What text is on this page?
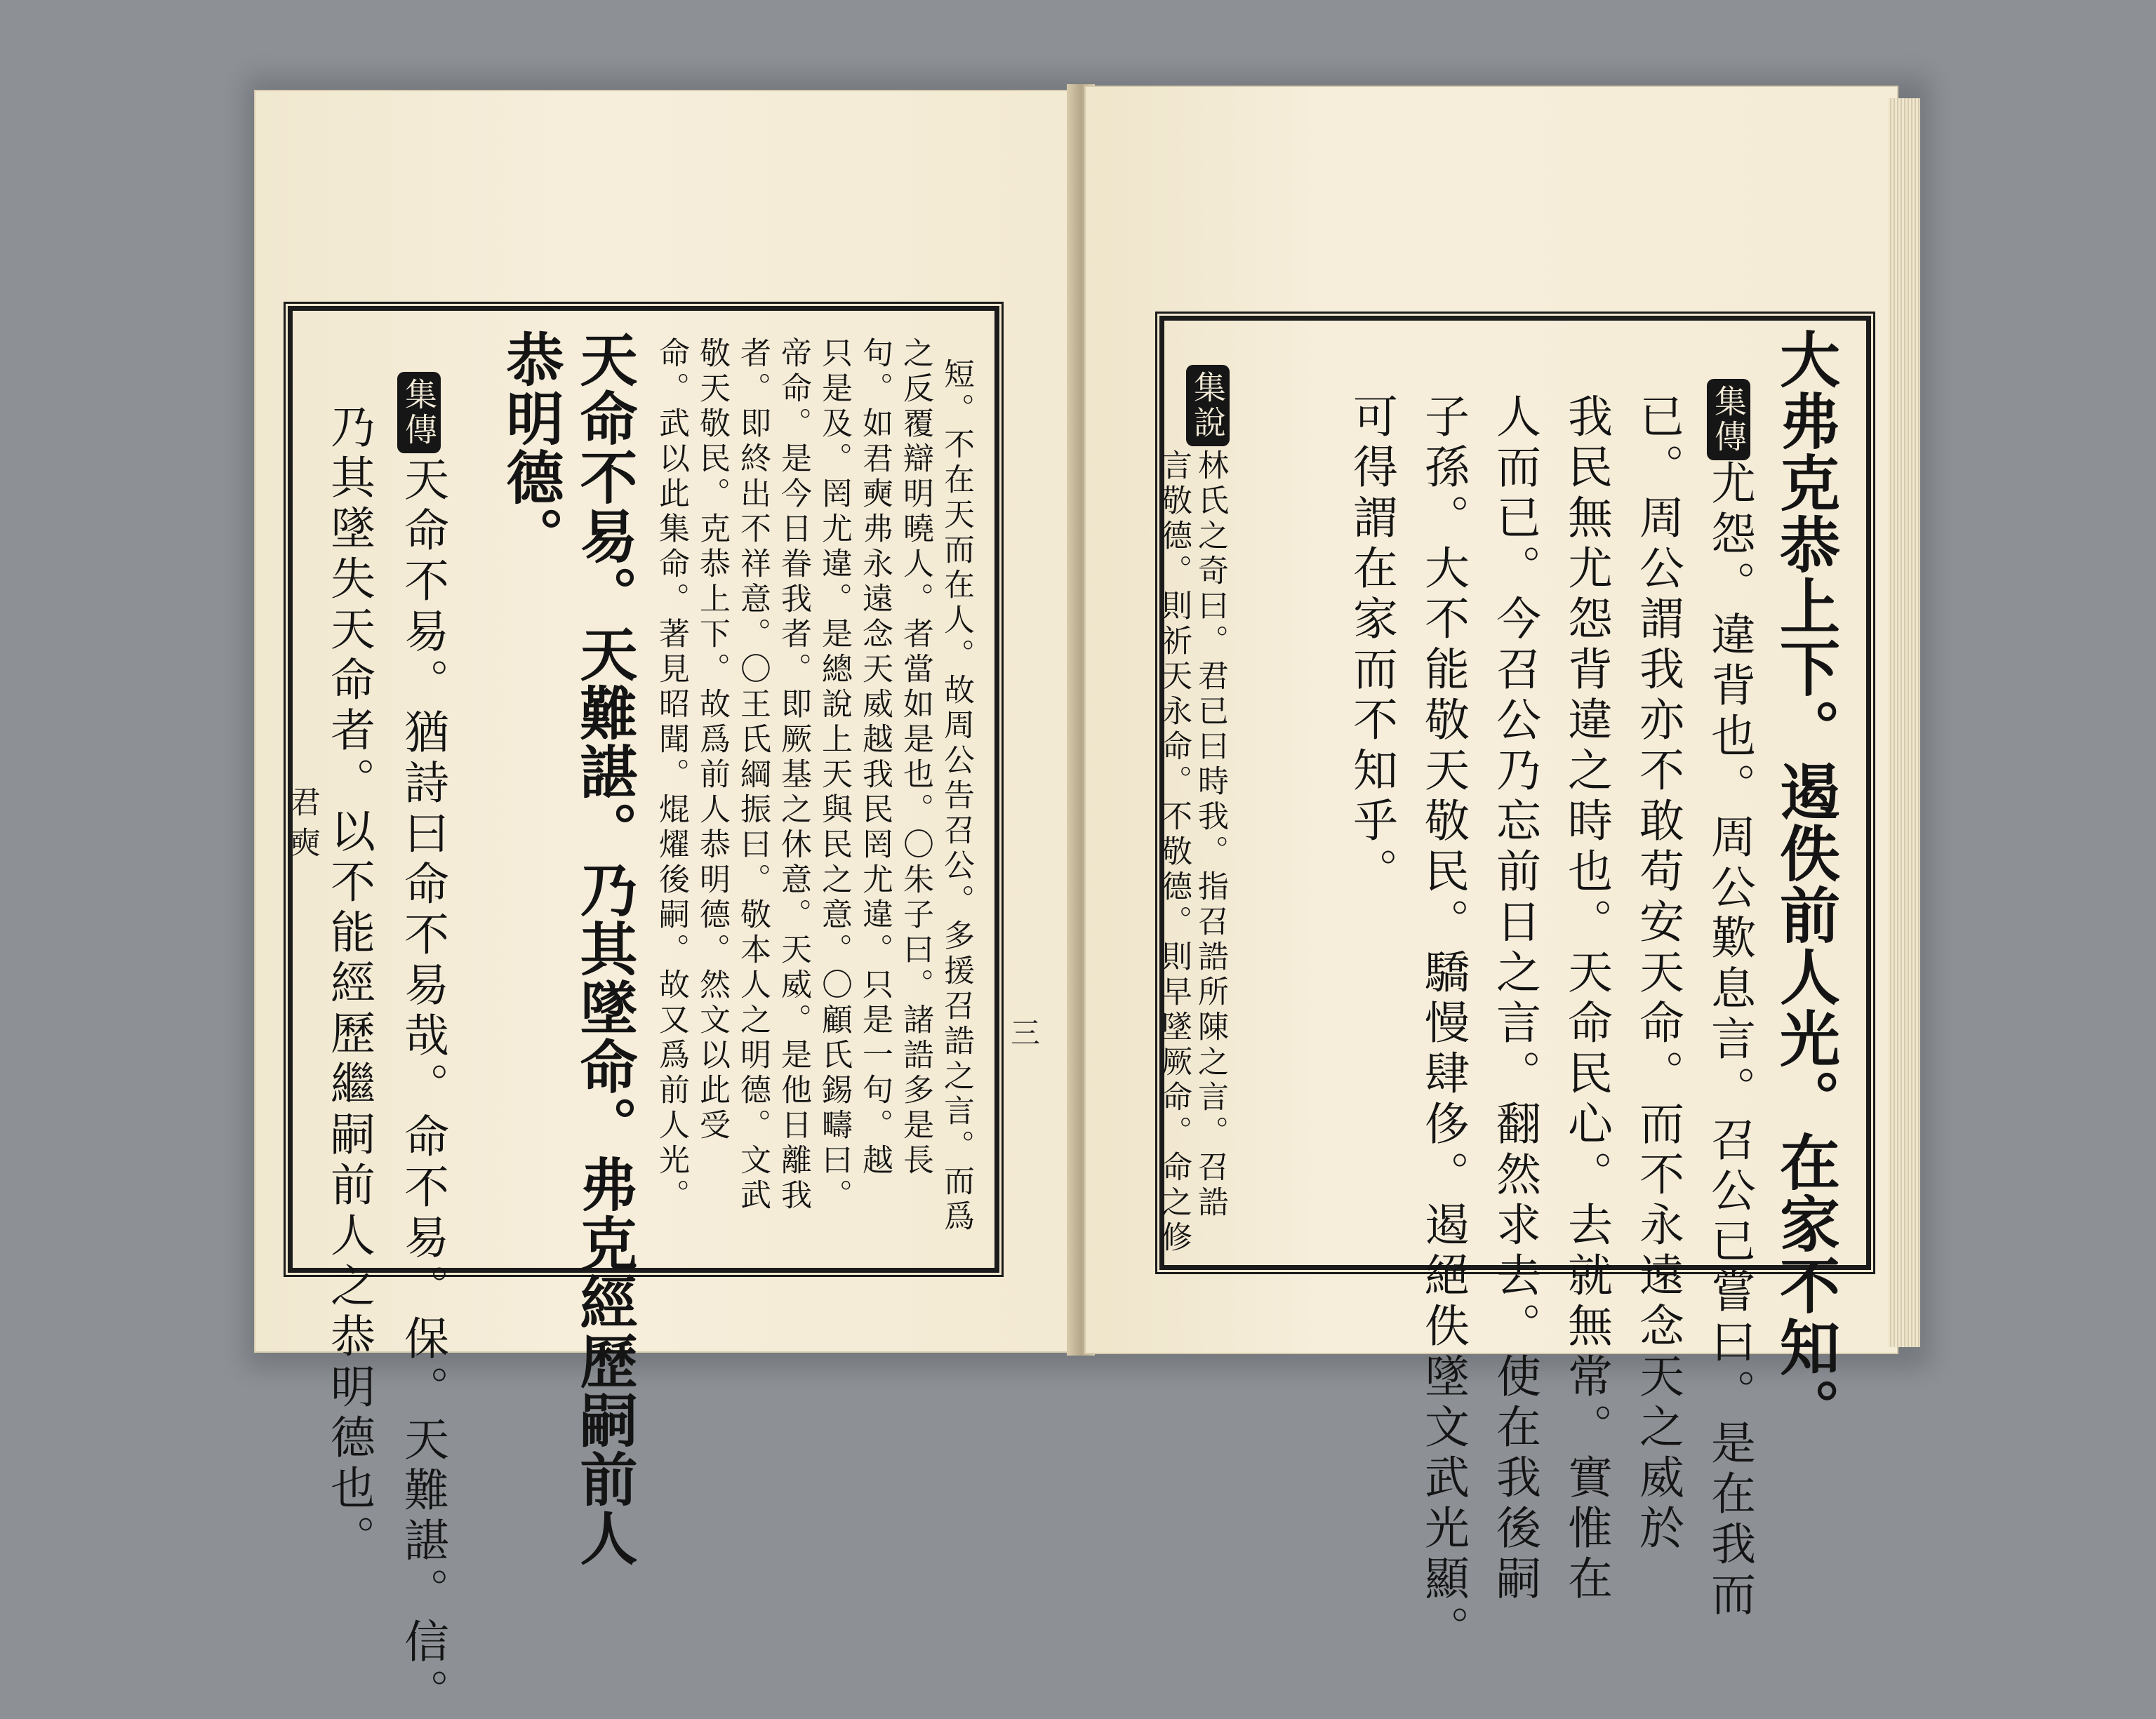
君奭
三
天命不易。天難諶。乃其墜命。弗克經歷嗣前人
恭明德。
集傳
天命不易。猶詩曰命不易哉。命不易。保。天難諶。信。
乃其墜失天命者。以不能經歷繼嗣前人之恭明德也。	短。不在天而在人。故周公告召公。多援召誥之言。而爲
之反覆辯明曉人。者當如是也。〇朱子曰。諸誥多是長
句。如君奭弗永遠念天威越我民罔尤違。只是一句。越
只是及。罔尤違。是總說上天與民之意。〇顧氏錫疇曰。
帝命。是今日眷我者。即厥基之休意。天威。是他日離我
者。即終出不祥意。〇王氏綱振曰。敬本人之明德。文武
敬天敬民。克恭上下。故爲前人恭明德。然文以此受
命。武以此集命。著見昭聞。焜燿後嗣。故又爲前人光。	大弗克恭上下。遏佚前人光。在家不知。
集傳
尤怨。違背也。周公歎息言。召公已嘗曰。是在我而
已。周公謂我亦不敢苟安天命。而不永遠念天之威於
我民無尤怨背違之時也。天命民心。去就無常。實惟在
人而已。今召公乃忘前日之言。翻然求去。使在我後嗣
子孫。大不能敬天敬民。驕慢肆侈。遏絕佚墜文武光顯。
可得謂在家而不知乎。
集說
林氏之奇曰。君已曰時我。指召誥所陳之言。召誥
言敬德。則祈天永命。不敬德。則早墜厥命。命之修
